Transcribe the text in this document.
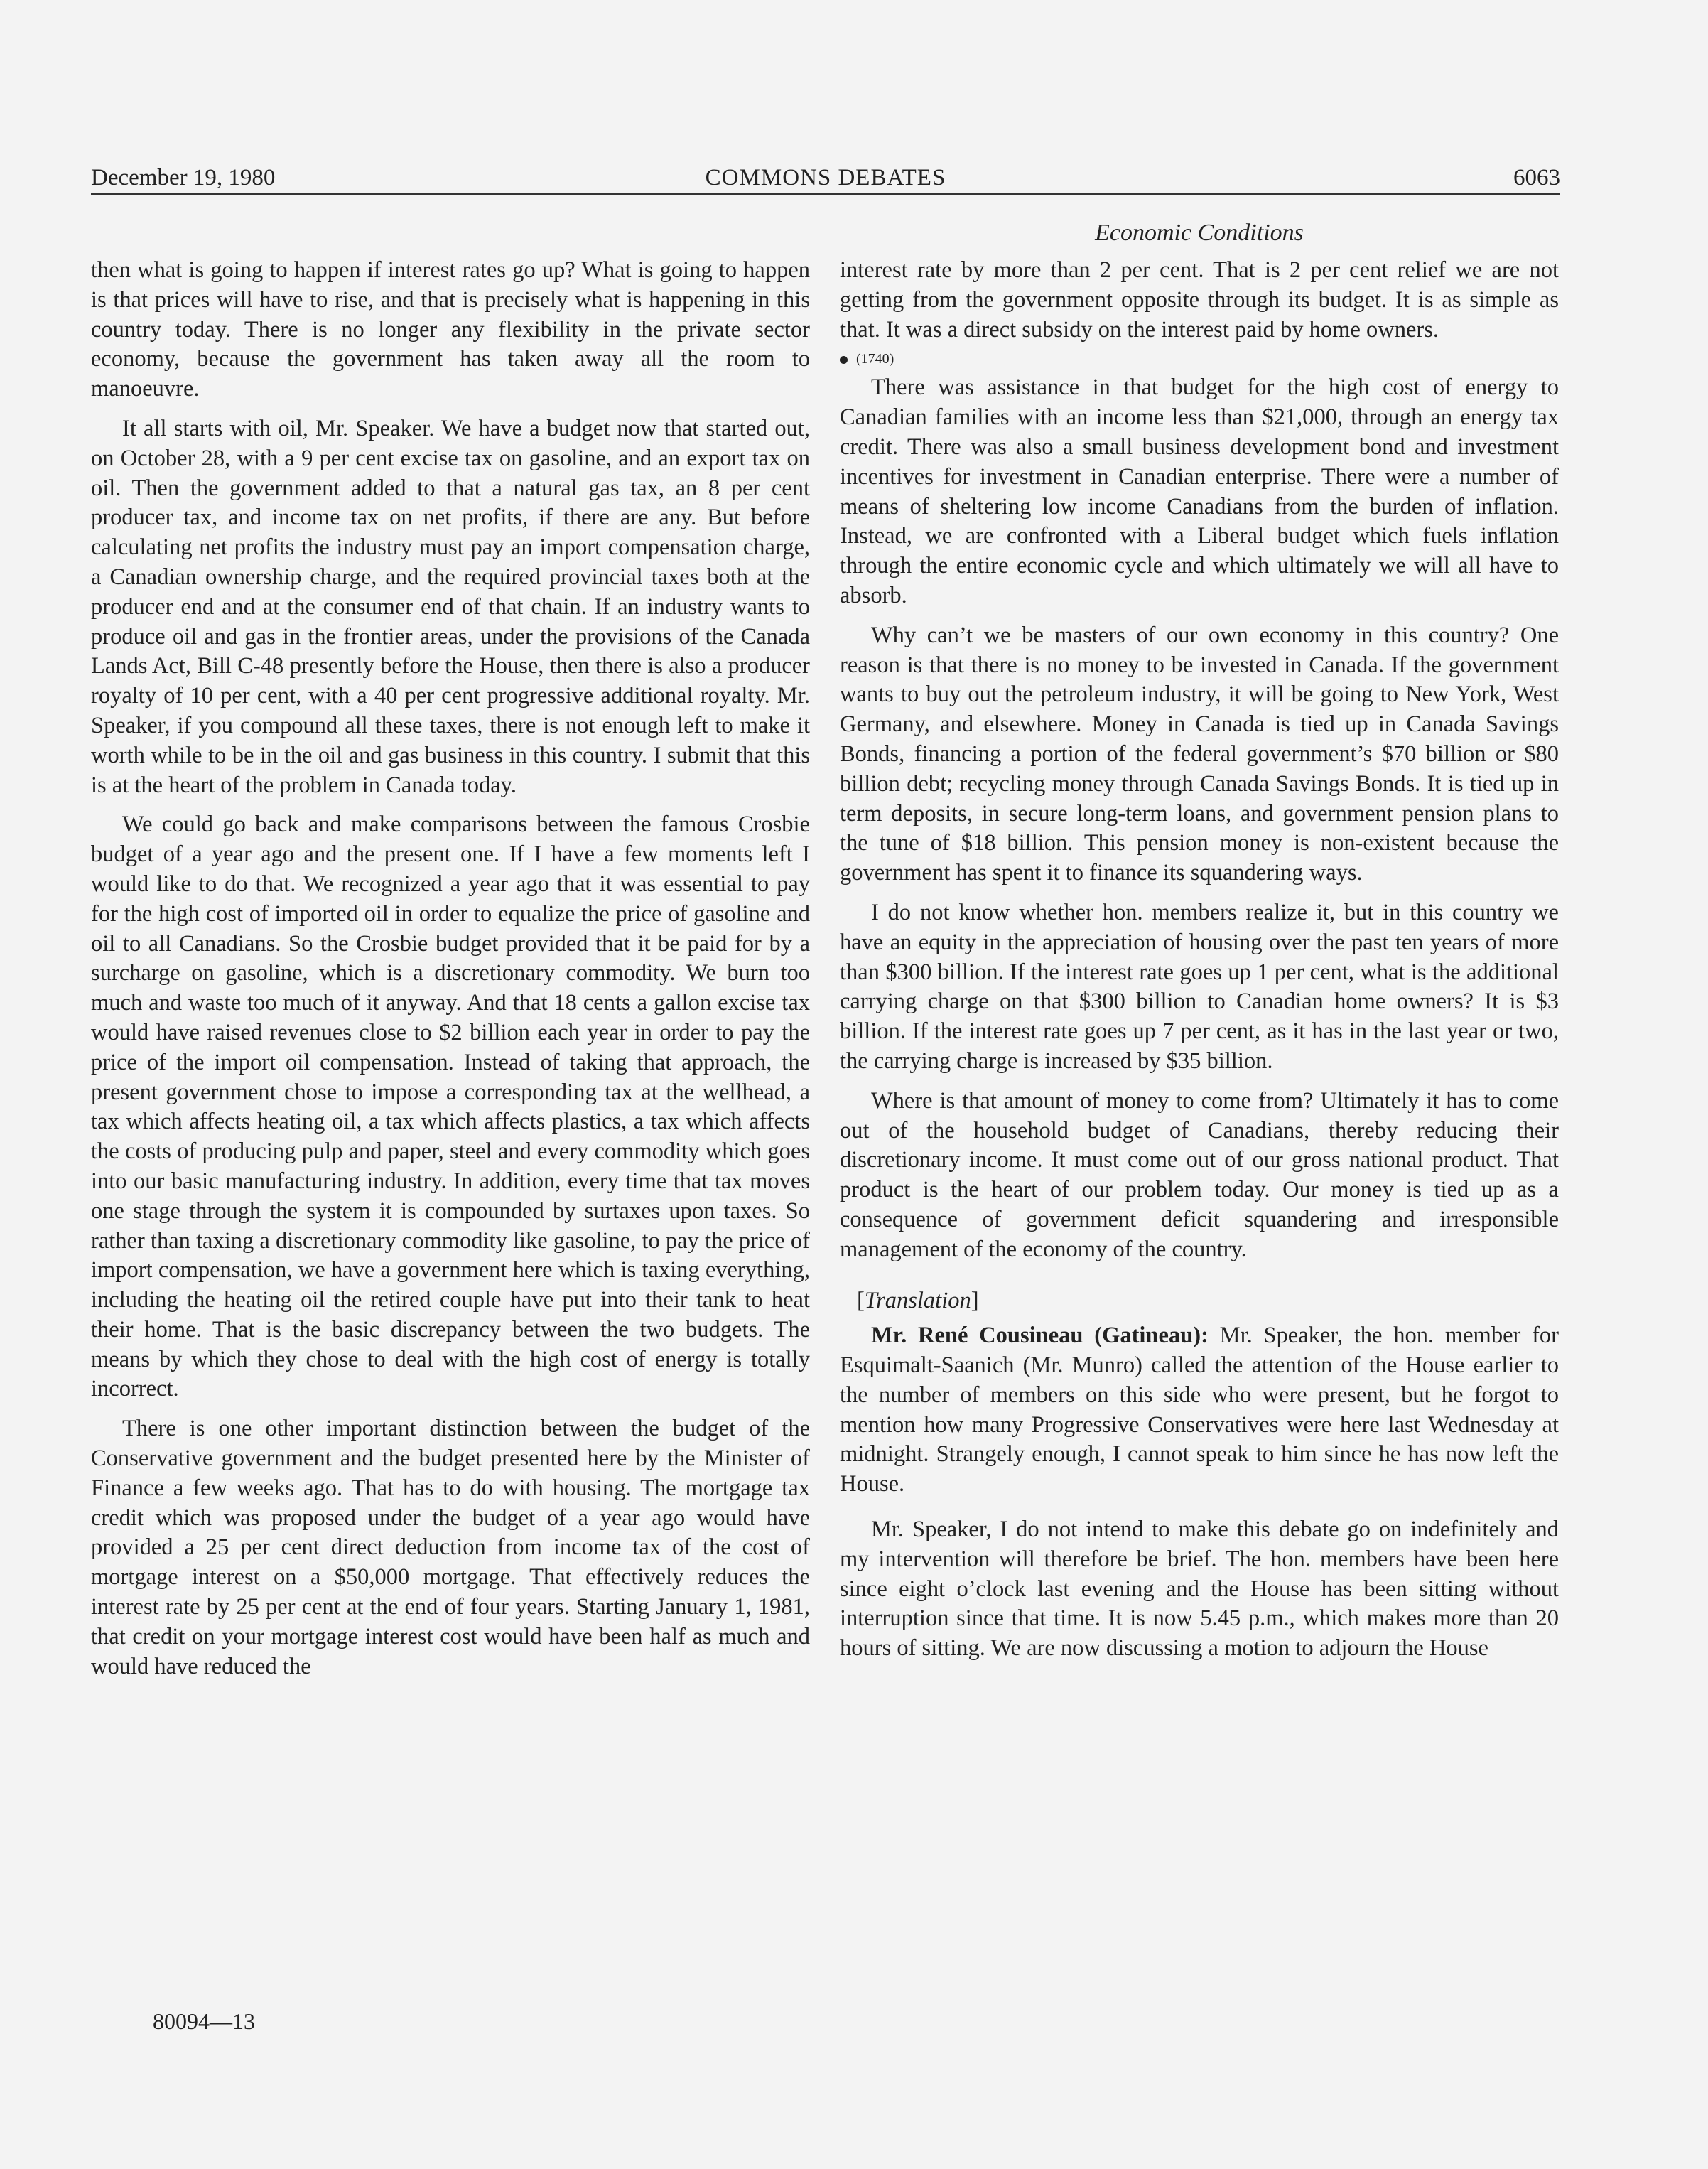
December 19, 1980	COMMONS DEBATES	6063
Economic Conditions

then what is going to happen if interest rates go up? What is going to happen is that prices will have to rise, and that is precisely what is happening in this country today. There is no longer any flexibility in the private sector economy, because the government has taken away all the room to manoeuvre.

It all starts with oil, Mr. Speaker. We have a budget now that started out, on October 28, with a 9 per cent excise tax on gasoline, and an export tax on oil. Then the government added to that a natural gas tax, an 8 per cent producer tax, and income tax on net profits, if there are any. But before calculating net profits the industry must pay an import compensation charge, a Canadian ownership charge, and the required provincial taxes both at the producer end and at the consumer end of that chain. If an industry wants to produce oil and gas in the frontier areas, under the provisions of the Canada Lands Act, Bill C-48 presently before the House, then there is also a producer royalty of 10 per cent, with a 40 per cent progressive additional royalty. Mr. Speaker, if you compound all these taxes, there is not enough left to make it worth while to be in the oil and gas business in this country. I submit that this is at the heart of the problem in Canada today.

We could go back and make comparisons between the famous Crosbie budget of a year ago and the present one. If I have a few moments left I would like to do that. We recognized a year ago that it was essential to pay for the high cost of imported oil in order to equalize the price of gasoline and oil to all Canadians. So the Crosbie budget provided that it be paid for by a surcharge on gasoline, which is a discretionary commodity. We burn too much and waste too much of it anyway. And that 18 cents a gallon excise tax would have raised revenues close to $2 billion each year in order to pay the price of the import oil compensation. Instead of taking that approach, the present government chose to impose a corresponding tax at the wellhead, a tax which affects heating oil, a tax which affects plastics, a tax which affects the costs of producing pulp and paper, steel and every commodity which goes into our basic manufacturing industry. In addition, every time that tax moves one stage through the system it is compounded by surtaxes upon taxes. So rather than taxing a discretionary commodity like gasoline, to pay the price of import compensation, we have a government here which is taxing everything, including the heating oil the retired couple have put into their tank to heat their home. That is the basic discrepancy between the two budgets. The means by which they chose to deal with the high cost of energy is totally incorrect.

There is one other important distinction between the budget of the Conservative government and the budget presented here by the Minister of Finance a few weeks ago. That has to do with housing. The mortgage tax credit which was proposed under the budget of a year ago would have provided a 25 per cent direct deduction from income tax of the cost of mortgage interest on a $50,000 mortgage. That effectively reduces the interest rate by 25 per cent at the end of four years. Starting January 1, 1981, that credit on your mortgage interest cost would have been half as much and would have reduced the

interest rate by more than 2 per cent. That is 2 per cent relief we are not getting from the government opposite through its budget. It is as simple as that. It was a direct subsidy on the interest paid by home owners.

(1740)

There was assistance in that budget for the high cost of energy to Canadian families with an income less than $21,000, through an energy tax credit. There was also a small business development bond and investment incentives for investment in Canadian enterprise. There were a number of means of sheltering low income Canadians from the burden of inflation. Instead, we are confronted with a Liberal budget which fuels inflation through the entire economic cycle and which ultimately we will all have to absorb.

Why can’t we be masters of our own economy in this country? One reason is that there is no money to be invested in Canada. If the government wants to buy out the petroleum industry, it will be going to New York, West Germany, and elsewhere. Money in Canada is tied up in Canada Savings Bonds, financing a portion of the federal government’s $70 billion or $80 billion debt; recycling money through Canada Savings Bonds. It is tied up in term deposits, in secure long-term loans, and government pension plans to the tune of $18 billion. This pension money is non-existent because the government has spent it to finance its squandering ways.

I do not know whether hon. members realize it, but in this country we have an equity in the appreciation of housing over the past ten years of more than $300 billion. If the interest rate goes up 1 per cent, what is the additional carrying charge on that $300 billion to Canadian home owners? It is $3 billion. If the interest rate goes up 7 per cent, as it has in the last year or two, the carrying charge is increased by $35 billion.

Where is that amount of money to come from? Ultimately it has to come out of the household budget of Canadians, thereby reducing their discretionary income. It must come out of our gross national product. That product is the heart of our problem today. Our money is tied up as a consequence of government deficit squandering and irresponsible management of the economy of the country.

[Translation]

Mr. René Cousineau (Gatineau): Mr. Speaker, the hon. member for Esquimalt-Saanich (Mr. Munro) called the attention of the House earlier to the number of members on this side who were present, but he forgot to mention how many Progressive Conservatives were here last Wednesday at midnight. Strangely enough, I cannot speak to him since he has now left the House.

Mr. Speaker, I do not intend to make this debate go on indefinitely and my intervention will therefore be brief. The hon. members have been here since eight o’clock last evening and the House has been sitting without interruption since that time. It is now 5.45 p.m., which makes more than 20 hours of sitting. We are now discussing a motion to adjourn the House

80094—13
